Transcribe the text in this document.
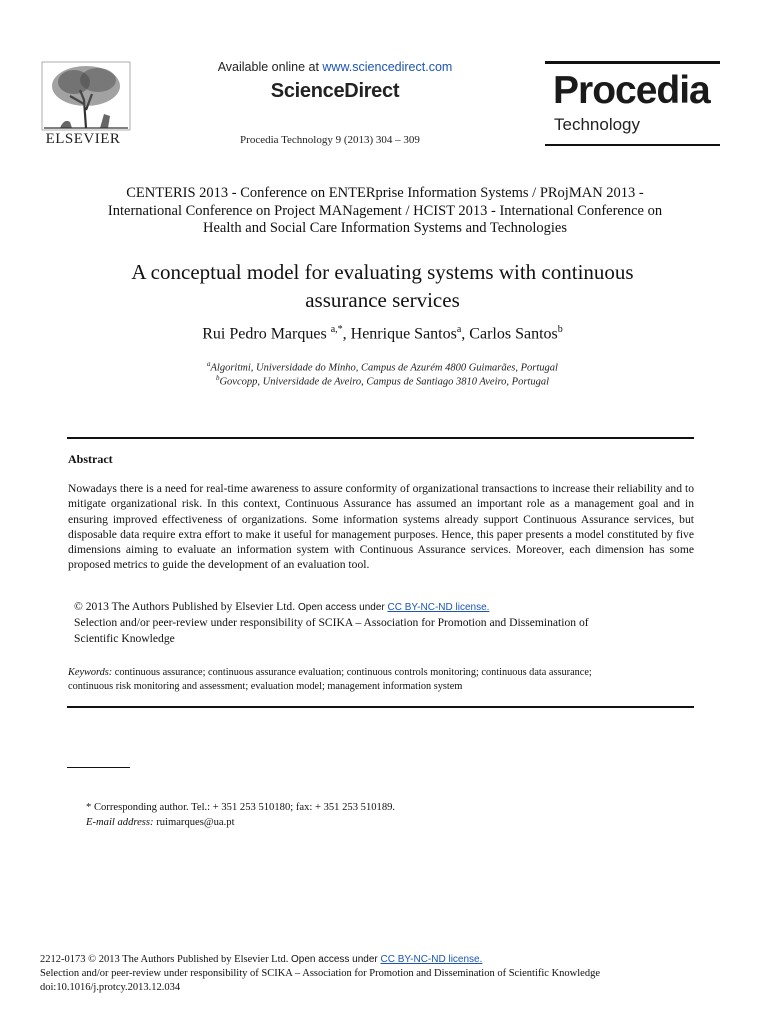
ELSEVIER
Available online at www.sciencedirect.com
ScienceDirect
Procedia Technology 9 (2013) 304 – 309
Procedia
Technology
CENTERIS 2013 - Conference on ENTERprise Information Systems / PRojMAN 2013 -
International Conference on Project MANagement / HCIST 2013 - International Conference on
Health and Social Care Information Systems and Technologies
A conceptual model for evaluating systems with continuous
assurance services
Rui Pedro Marques $^{a,*}$, Henrique Santos$^a$, Carlos Santos$^b$
$^a$Algoritmi, Universidade do Minho, Campus de Azurém 4800 Guimarães, Portugal
$^b$Govcopp, Universidade de Aveiro, Campus de Santiago 3810 Aveiro, Portugal
Abstract
Nowadays there is a need for real-time awareness to assure conformity of organizational transactions to increase their reliability and to mitigate organizational risk. In this context, Continuous Assurance has assumed an important role as a management goal and in ensuring improved effectiveness of organizations. Some information systems already support Continuous Assurance services, but disposable data require extra effort to make it useful for management purposes. Hence, this paper presents a model constituted by five dimensions aiming to evaluate an information system with Continuous Assurance services. Moreover, each dimension has some proposed metrics to guide the development of an evaluation tool.
© 2013 The Authors Published by Elsevier Ltd. Open access under CC BY-NC-ND license.
Selection and/or peer-review under responsibility of SCIKA – Association for Promotion and Dissemination of
Scientific Knowledge
Keywords: continuous assurance; continuous assurance evaluation; continuous controls monitoring; continuous data assurance;
continuous risk monitoring and assessment; evaluation model; management information system
* Corresponding author. Tel.: + 351 253 510180; fax: + 351 253 510189.
E-mail address: ruimarques@ua.pt
2212-0173 © 2013 The Authors Published by Elsevier Ltd. Open access under CC BY-NC-ND license.
Selection and/or peer-review under responsibility of SCIKA – Association for Promotion and Dissemination of Scientific Knowledge
doi:10.1016/j.protcy.2013.12.034
